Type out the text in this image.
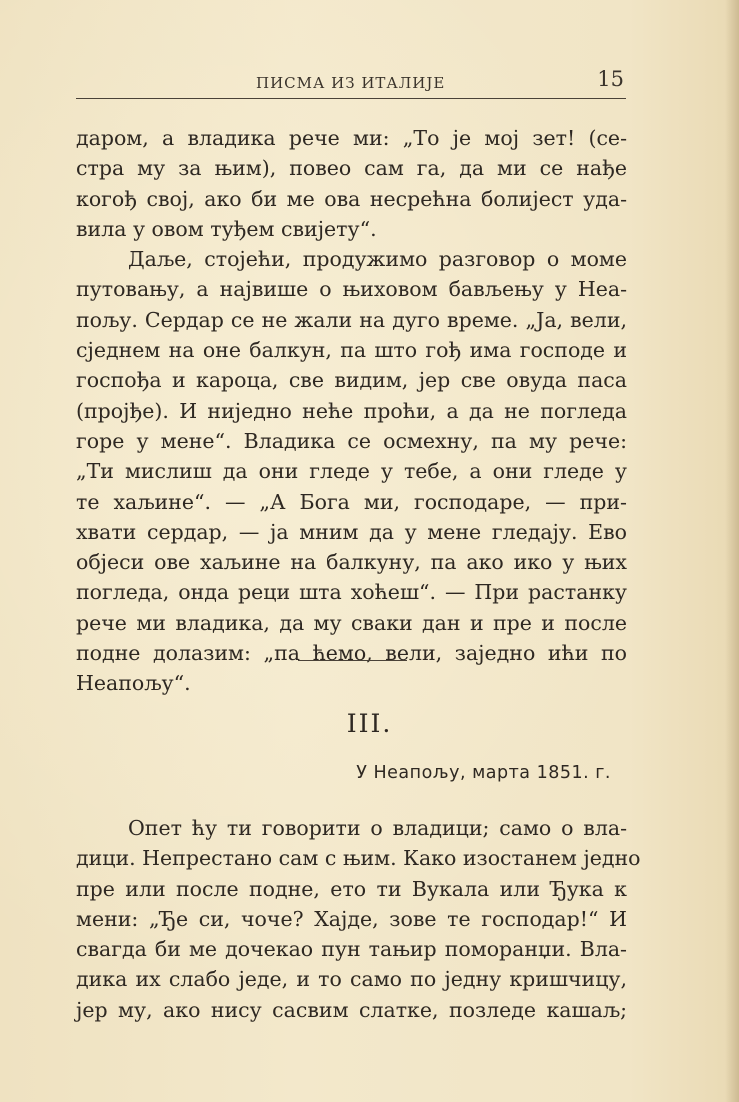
ПИСМА ИЗ ИТАЛИЈЕ	15
даром, а владика рече ми: „То је мој зет! (се-
стра му за њим), повео сам га, да ми се нађе
когођ свој, ако би ме ова несрећна болијест уда-
вила у овом туђем свијету“.
Даље, стојећи, продужимо разговор о моме
путовању, а највише о њиховом бављењу у Неа-
пољу. Сердар се не жали на дуго време. „Ја, вели,
сједнем на оне балкун, па што гођ има господе и
госпођа и кароца, све видим, јер све овуда паса
(пројђе). И ниједно неће проћи, а да не погледа
горе у мене“. Владика се осмехну, па му рече:
„Ти мислиш да они гледе у тебе, а они гледе у
те хаљине“. — „А Бога ми, господаре, — при-
хвати сердар, — ја мним да у мене гледају. Ево
објеси ове хаљине на балкуну, па ако ико у њих
погледа, онда реци шта хоћеш“. — При растанку
рече ми владика, да му сваки дан и пре и после
подне долазим: „па ћемо, вели, заједно ићи по
Неапољу“.
III.
У Неапољу, марта 1851. г.
Опет ћу ти говорити о владици; само о вла-
дици. Непрестано сам с њим. Како изостанем једно
пре или после подне, ето ти Вукала или Ђука к
мени: „Ђе си, чоче? Хајде, зове те господар!“ И
свагда би ме дочекао пун тањир поморанџи. Вла-
дика их слабо једе, и то само по једну кришчицу,
јер му, ако нису сасвим слатке, позледе кашаљ;
